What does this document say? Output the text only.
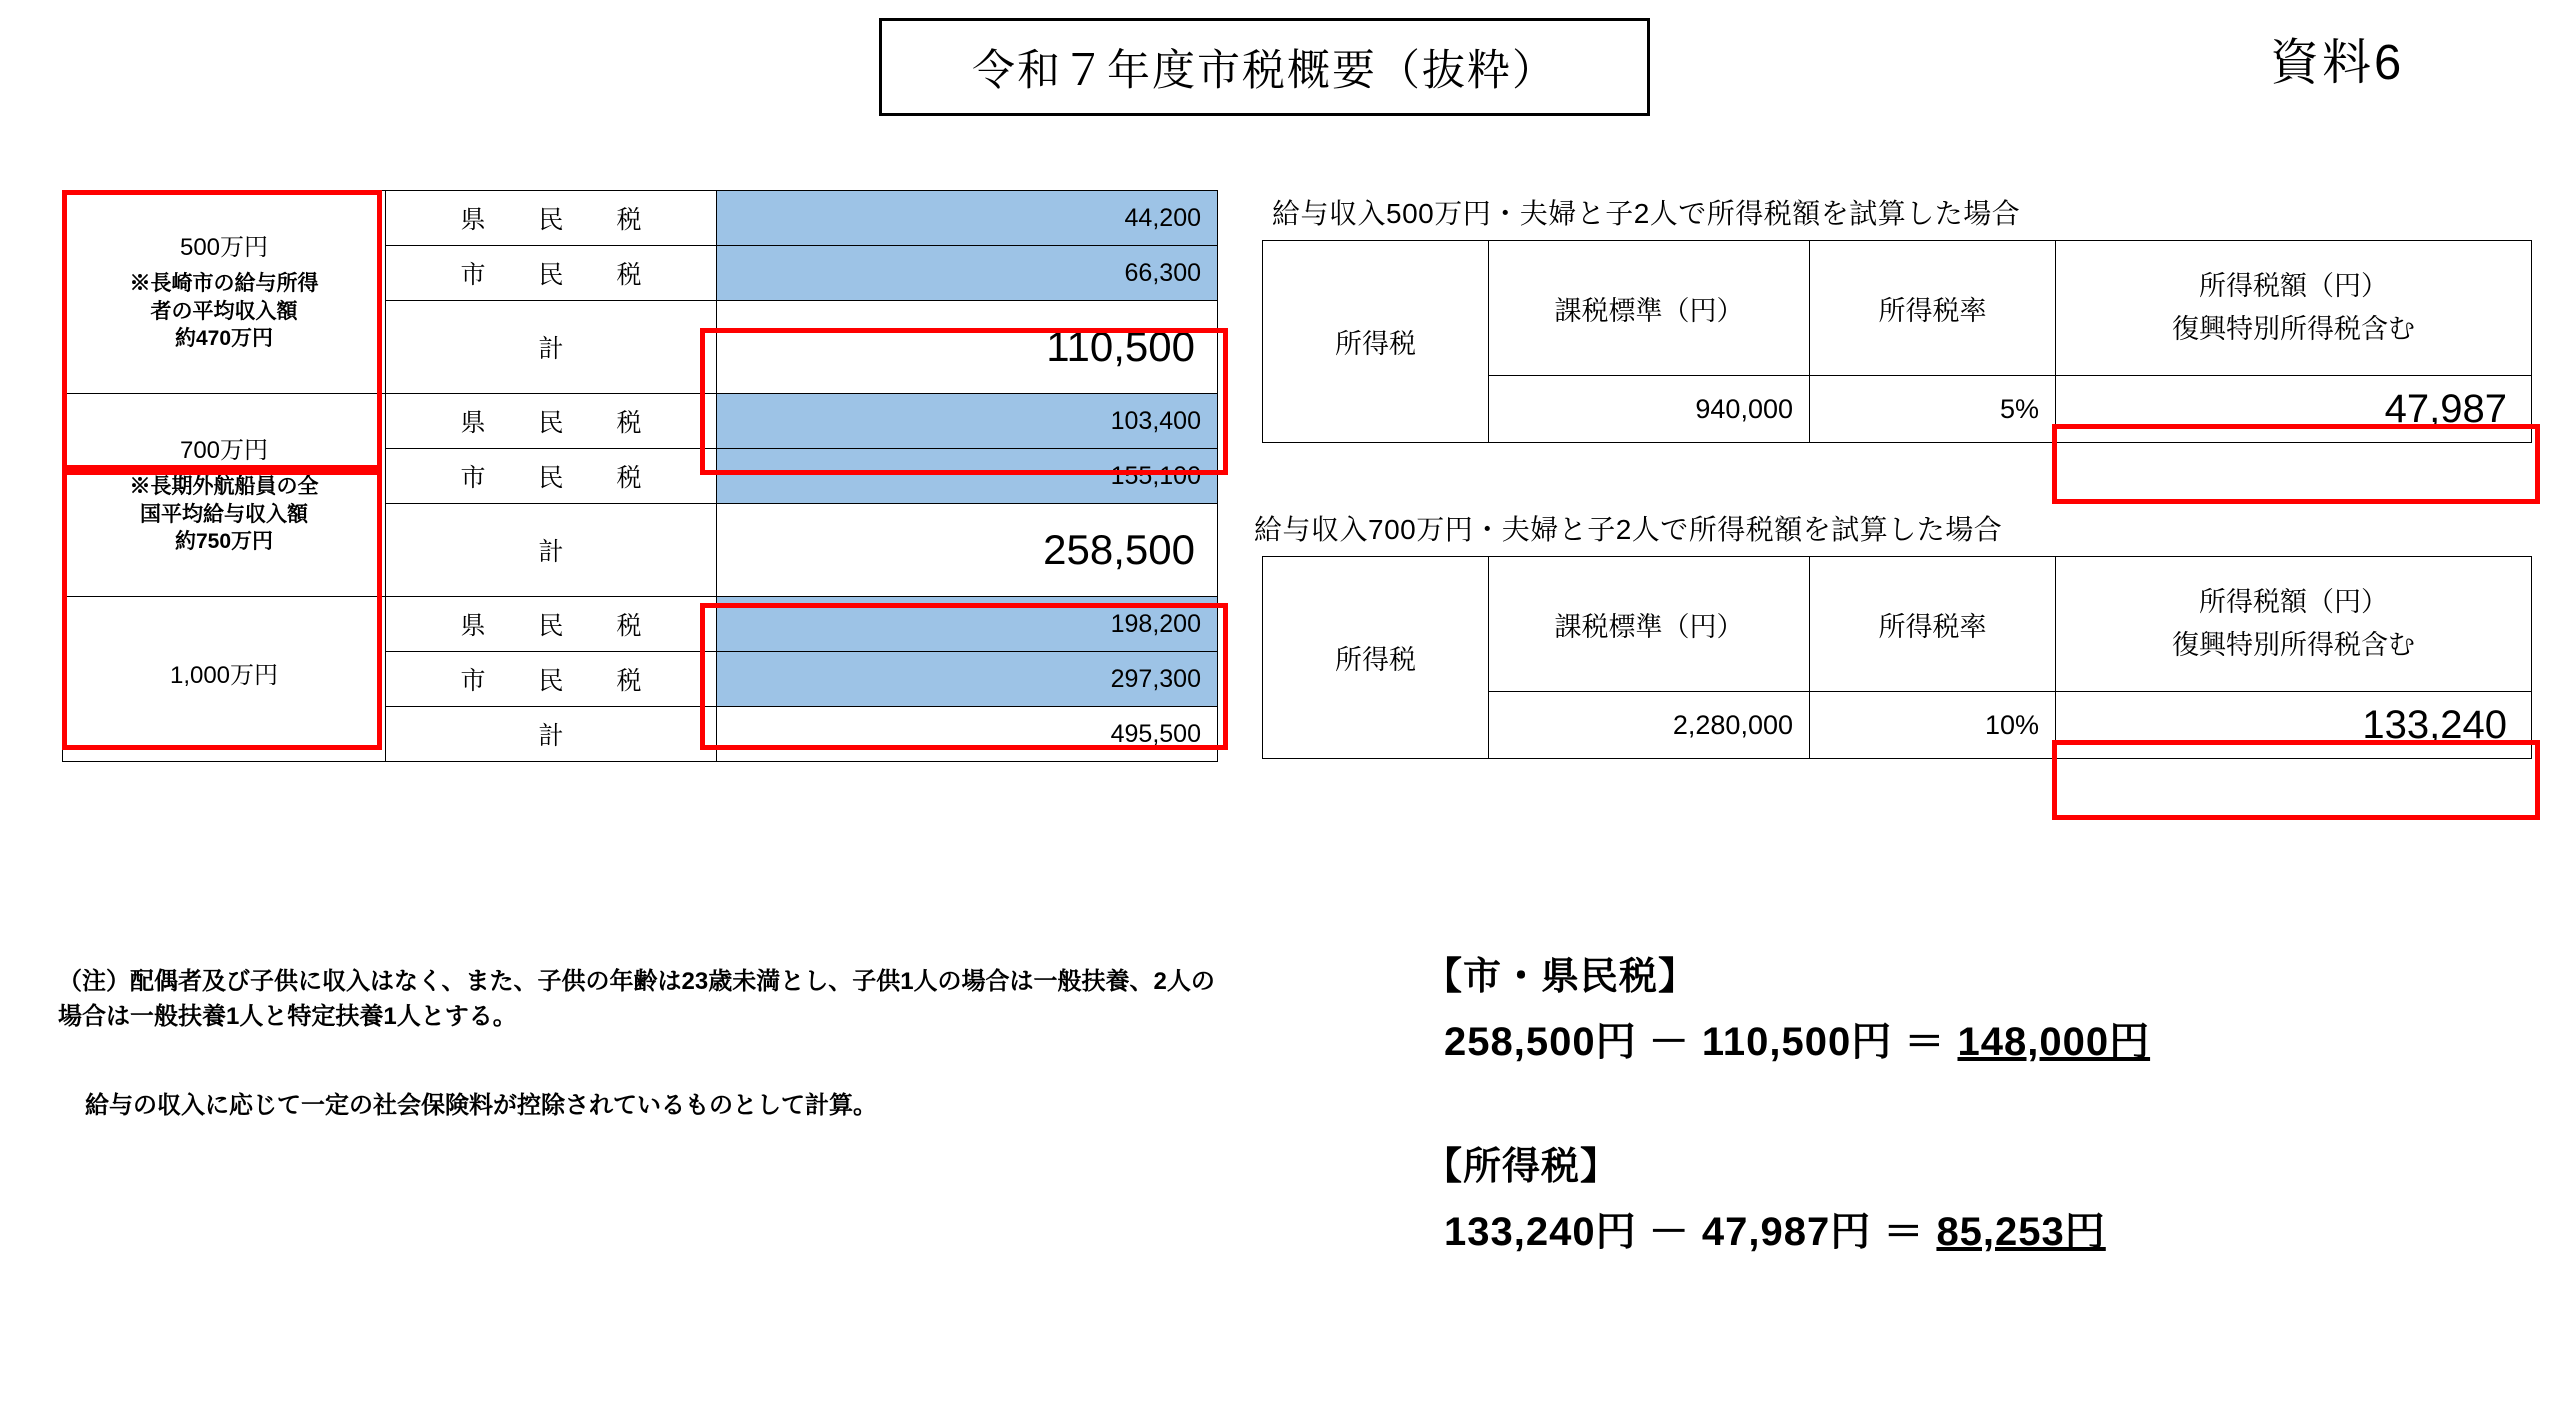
令和７年度市税概要（抜粋）	資料6
500万円
※長崎市の給与所得
者の平均収入額
約470万円	県　民　税	44,200
	市　民　税	66,300
	計	110,500

700万円
※長期外航船員の全
国平均給与収入額
約750万円	県　民　税	103,400
	市　民　税	155,100
	計	258,500

1,000万円	県　民　税	198,200
	市　民　税	297,300
	計	495,500
（注）配偶者及び子供に収入はなく、また、子供の年齢は23歳未満とし、子供1人の場合は一般扶養、2人の場合は一般扶養1人と特定扶養1人とする。
給与の収入に応じて一定の社会保険料が控除されているものとして計算。
給与収入500万円・夫婦と子2人で所得税額を試算した場合
所得税	課税標準（円）	所得税率	所得税額（円）
復興特別所得税含む

	940,000	5%	47,987
給与収入700万円・夫婦と子2人で所得税額を試算した場合
所得税	課税標準（円）	所得税率	所得税額（円）
復興特別所得税含む

	2,280,000	10%	133,240
【市・県民税】
258,500円 － 110,500円 ＝ 148,000円
【所得税】
133,240円 － 47,987円 ＝ 85,253円
